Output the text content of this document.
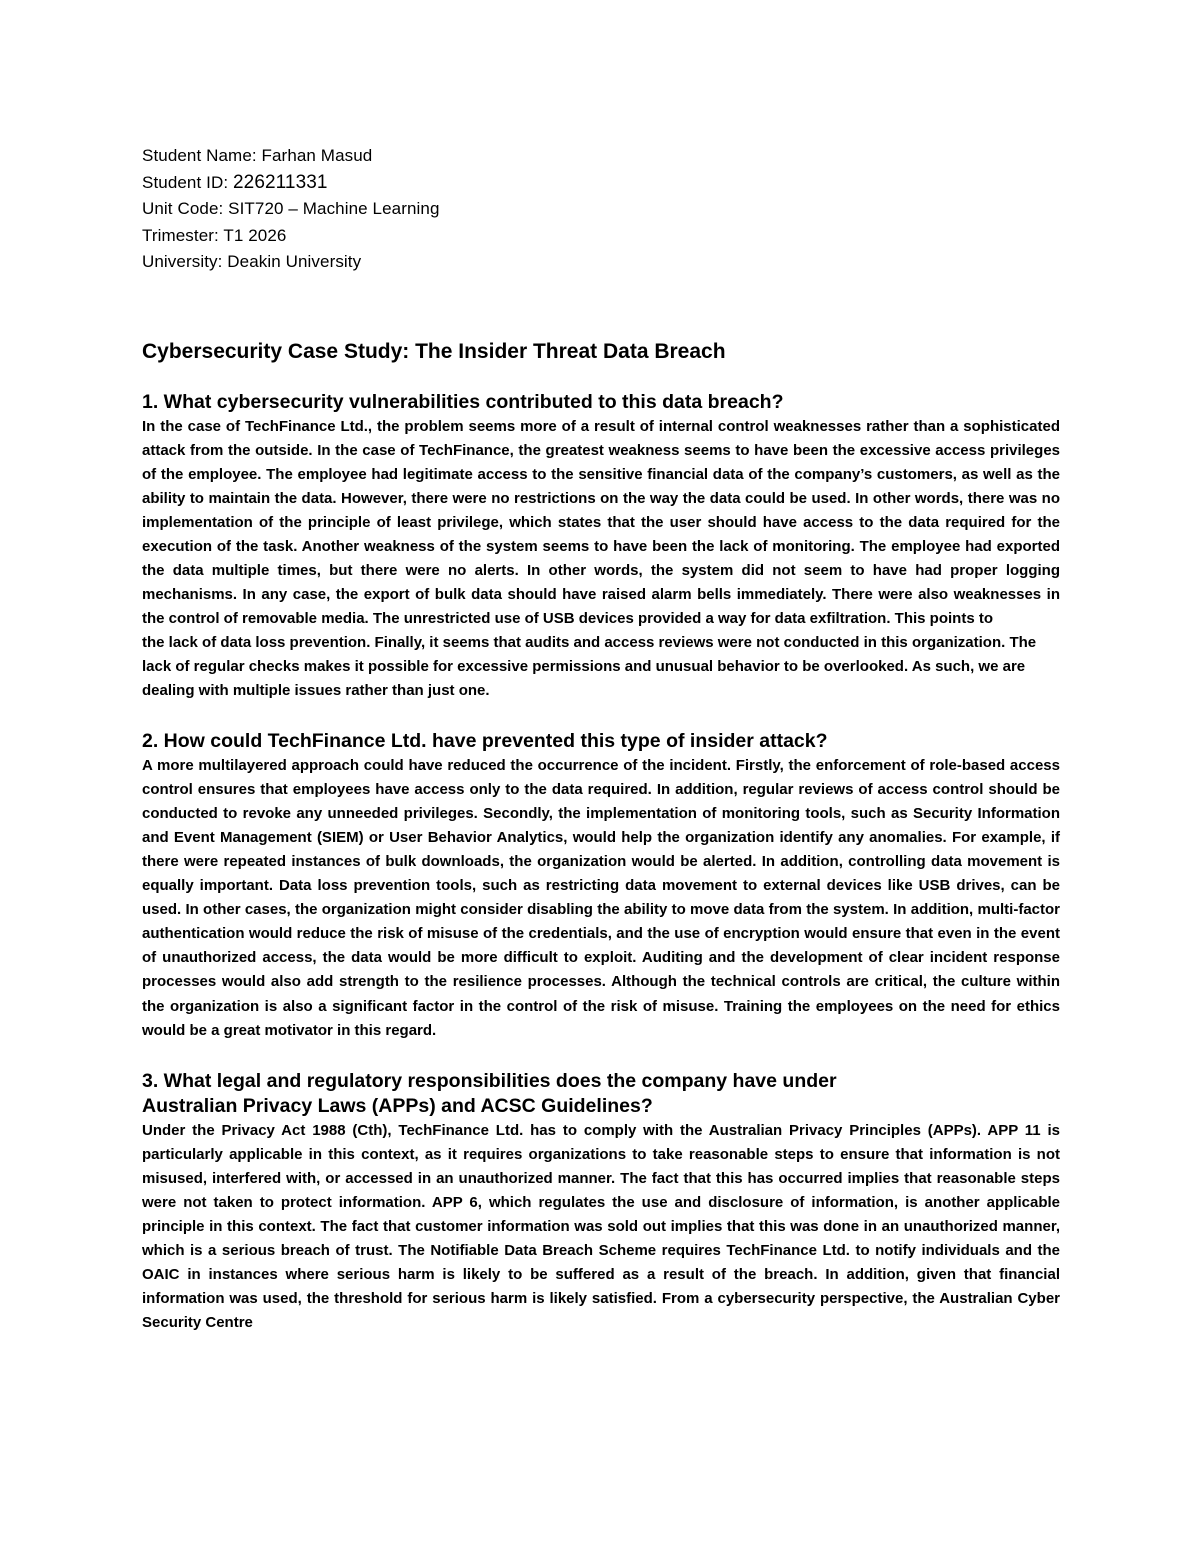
Student Name: Farhan Masud
Student ID: 226211331
Unit Code: SIT720 – Machine Learning
Trimester: T1 2026
University: Deakin University
Cybersecurity Case Study: The Insider Threat Data Breach
1. What cybersecurity vulnerabilities contributed to this data breach?

In the case of TechFinance Ltd., the problem seems more of a result of internal control weaknesses rather than a sophisticated attack from the outside. In the case of TechFinance, the greatest weakness seems to have been the excessive access privileges of the employee. The employee had legitimate access to the sensitive financial data of the company’s customers, as well as the ability to maintain the data. However, there were no restrictions on the way the data could be used. In other words, there was no implementation of the principle of least privilege, which states that the user should have access to the data required for the execution of the task. Another weakness of the system seems to have been the lack of monitoring. The employee had exported the data multiple times, but there were no alerts. In other words, the system did not seem to have had proper logging mechanisms. In any case, the export of bulk data should have raised alarm bells immediately. There were also weaknesses in the control of removable media. The unrestricted use of USB devices provided a way for data exfiltration. This points to

the lack of data loss prevention. Finally, it seems that audits and access reviews were not conducted in this organization. The lack of regular checks makes it possible for excessive permissions and unusual behavior to be overlooked. As such, we are dealing with multiple issues rather than just one.

2. How could TechFinance Ltd. have prevented this type of insider attack?

A more multilayered approach could have reduced the occurrence of the incident. Firstly, the enforcement of role-based access control ensures that employees have access only to the data required. In addition, regular reviews of access control should be conducted to revoke any unneeded privileges. Secondly, the implementation of monitoring tools, such as Security Information and Event Management (SIEM) or User Behavior Analytics, would help the organization identify any anomalies. For example, if there were repeated instances of bulk downloads, the organization would be alerted. In addition, controlling data movement is equally important. Data loss prevention tools, such as restricting data movement to external devices like USB drives, can be used. In other cases, the organization might consider disabling the ability to move data from the system. In addition, multi-factor authentication would reduce the risk of misuse of the credentials, and the use of encryption would ensure that even in the event of unauthorized access, the data would be more difficult to exploit. Auditing and the development of clear incident response processes would also add strength to the resilience processes. Although the technical controls are critical, the culture within the organization is also a significant factor in the control of the risk of misuse. Training the employees on the need for ethics would be a great motivator in this regard.

3. What legal and regulatory responsibilities does the company have under
Australian Privacy Laws (APPs) and ACSC Guidelines?

Under the Privacy Act 1988 (Cth), TechFinance Ltd. has to comply with the Australian Privacy Principles (APPs). APP 11 is particularly applicable in this context, as it requires organizations to take reasonable steps to ensure that information is not misused, interfered with, or accessed in an unauthorized manner. The fact that this has occurred implies that reasonable steps were not taken to protect information. APP 6, which regulates the use and disclosure of information, is another applicable principle in this context. The fact that customer information was sold out implies that this was done in an unauthorized manner, which is a serious breach of trust. The Notifiable Data Breach Scheme requires TechFinance Ltd. to notify individuals and the OAIC in instances where serious harm is likely to be suffered as a result of the breach. In addition, given that financial information was used, the threshold for serious harm is likely satisfied. From a cybersecurity perspective, the Australian Cyber Security Centre
